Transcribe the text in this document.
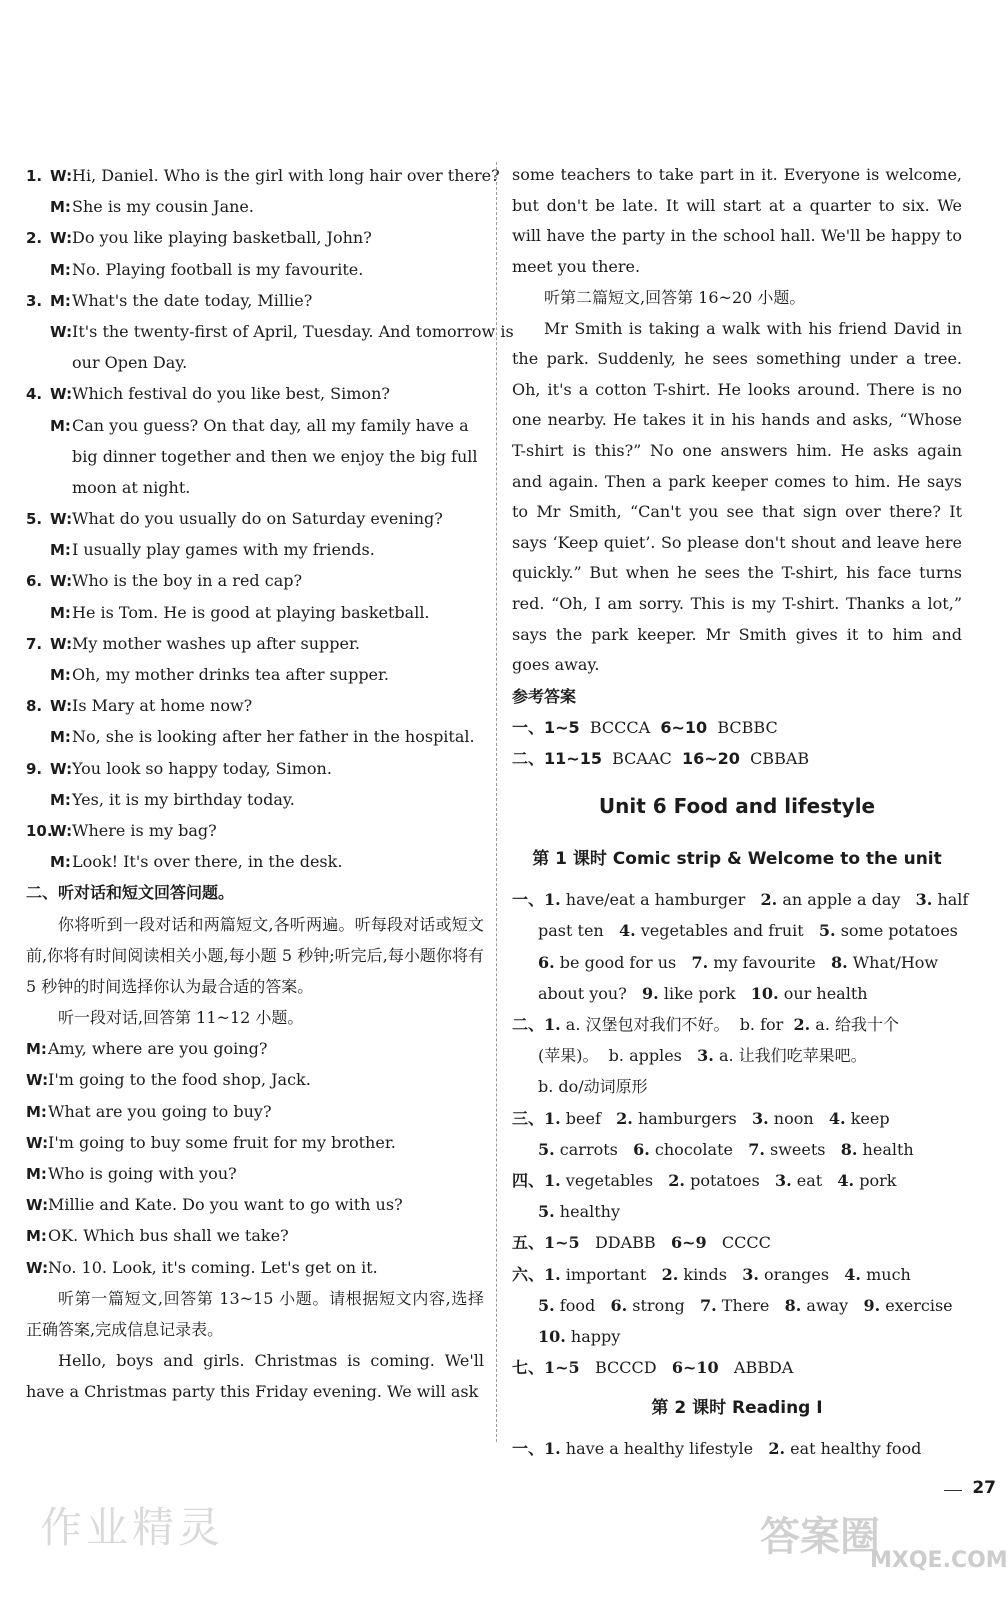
1. W:Hi, Daniel. Who is the girl with long hair over there?
M:She is my cousin Jane.
2. W:Do you like playing basketball, John?
M:No. Playing football is my favourite.
3. M:What's the date today, Millie?
W:It's the twenty-first of April, Tuesday. And tomorrow is
our Open Day.
4. W:Which festival do you like best, Simon?
M:Can you guess? On that day, all my family have a
big dinner together and then we enjoy the big full
moon at night.
5. W:What do you usually do on Saturday evening?
M:I usually play games with my friends.
6. W:Who is the boy in a red cap?
M:He is Tom. He is good at playing basketball.
7. W:My mother washes up after supper.
M:Oh, my mother drinks tea after supper.
8. W:Is Mary at home now?
M:No, she is looking after her father in the hospital.
9. W:You look so happy today, Simon.
M:Yes, it is my birthday today.
10.W:Where is my bag?
M:Look! It's over there, in the desk.
二、听对话和短文回答问题。
你将听到一段对话和两篇短文,各听两遍。听每段对话或短文前,你将有时间阅读相关小题,每小题 5 秒钟;听完后,每小题你将有 5 秒钟的时间选择你认为最合适的答案。
听一段对话,回答第 11~12 小题。
M:Amy, where are you going?
W:I'm going to the food shop, Jack.
M:What are you going to buy?
W:I'm going to buy some fruit for my brother.
M:Who is going with you?
W:Millie and Kate. Do you want to go with us?
M:OK. Which bus shall we take?
W:No. 10. Look, it's coming. Let's get on it.
听第一篇短文,回答第 13~15 小题。请根据短文内容,选择正确答案,完成信息记录表。
Hello, boys and girls. Christmas is coming. We'll have a Christmas party this Friday evening. We will ask
some teachers to take part in it. Everyone is welcome, but don't be late. It will start at a quarter to six. We will have the party in the school hall. We'll be happy to meet you there.
听第二篇短文,回答第 16~20 小题。
Mr Smith is taking a walk with his friend David in the park. Suddenly, he sees something under a tree. Oh, it's a cotton T-shirt. He looks around. There is no one nearby. He takes it in his hands and asks, “Whose T-shirt is this?” No one answers him. He asks again and again. Then a park keeper comes to him. He says to Mr Smith, “Can't you see that sign over there? It says ‘Keep quiet’. So please don't shout and leave here quickly.” But when he sees the T-shirt, his face turns red. “Oh, I am sorry. This is my T-shirt. Thanks a lot,” says the park keeper. Mr Smith gives it to him and goes away.
参考答案
一、1~5  BCCCA  6~10  BCBBC
二、11~15  BCAAC  16~20  CBBAB
Unit 6 Food and lifestyle
第 1 课时 Comic strip & Welcome to the unit
一、1. have/eat a hamburger   2. an apple a day   3. half
past ten   4. vegetables and fruit   5. some potatoes
6. be good for us   7. my favourite   8. What/How
about you?   9. like pork   10. our health
二、1. a. 汉堡包对我们不好。  b. for  2. a. 给我十个
(苹果)。  b. apples   3. a. 让我们吃苹果吧。
b. do/动词原形
三、1. beef   2. hamburgers   3. noon   4. keep
5. carrots   6. chocolate   7. sweets   8. health
四、1. vegetables   2. potatoes   3. eat   4. pork
5. healthy
五、1~5   DDABB   6~9   CCCC
六、1. important   2. kinds   3. oranges   4. much
5. food   6. strong   7. There   8. away   9. exercise
10. happy
七、1~5   BCCCD   6~10   ABBDA
第 2 课时 Reading Ⅰ
一、1. have a healthy lifestyle   2. eat healthy food
27
作业精灵	答案圈
MXQE.COM
